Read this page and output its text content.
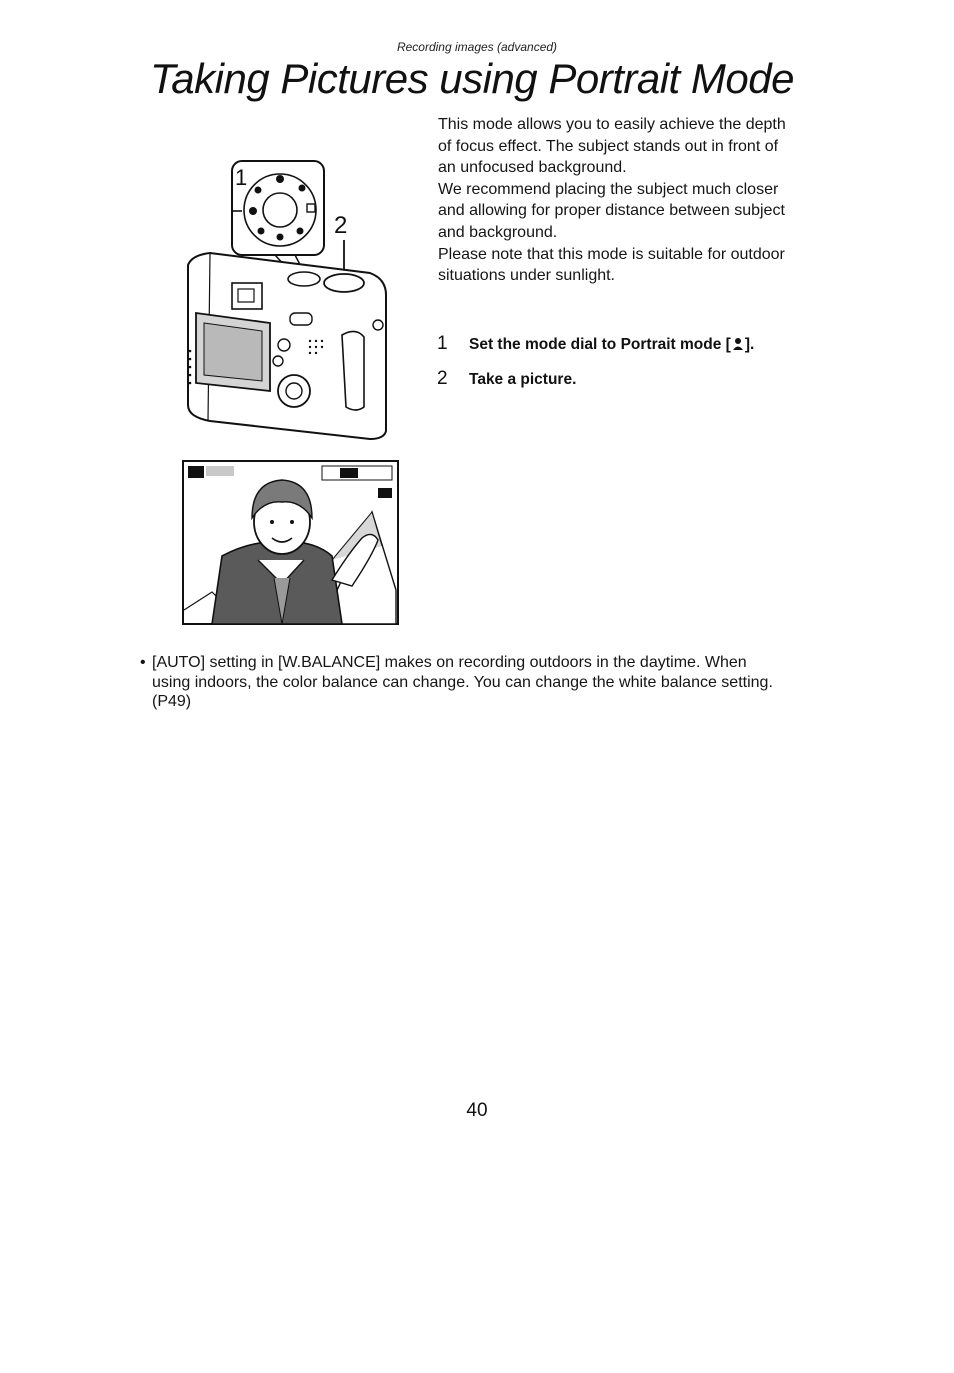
Recording images (advanced)
Taking Pictures using Portrait Mode
1
2

This mode allows you to easily achieve the depth of focus effect. The subject stands out in front of an unfocused background.

We recommend placing the subject much closer and allowing for proper distance between subject and background.

Please note that this mode is suitable for outdoor situations under sunlight.

1	Set the mode dial to Portrait mode [ ].
2	Take a picture.
• [AUTO] setting in [W.BALANCE] makes on recording outdoors in the daytime. When using indoors, the color balance can change. You can change the white balance setting. (P49)
40
